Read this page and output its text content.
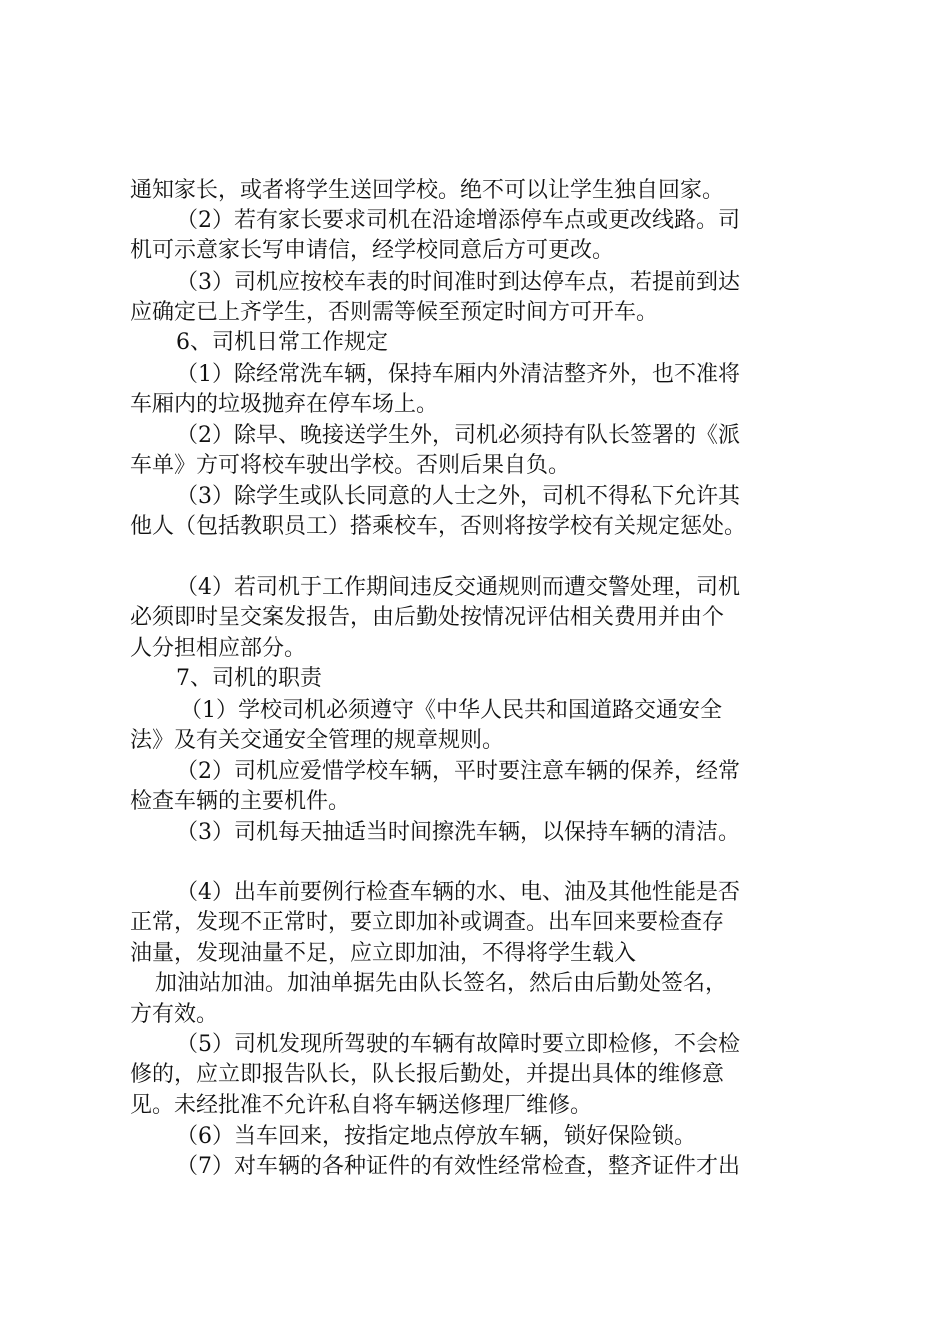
通知家长，或者将学生送回学校。绝不可以让学生独自回家。
（2）若有家长要求司机在沿途增添停车点或更改线路。司
机可示意家长写申请信，经学校同意后方可更改。
（3）司机应按校车表的时间准时到达停车点，若提前到达
应确定已上齐学生，否则需等候至预定时间方可开车。
6、司机日常工作规定
（1）除经常洗车辆，保持车厢内外清洁整齐外，也不准将
车厢内的垃圾抛弃在停车场上。
（2）除早、晚接送学生外，司机必须持有队长签署的《派
车单》方可将校车驶出学校。否则后果自负。
（3）除学生或队长同意的人士之外，司机不得私下允许其
他人（包括教职员工）搭乘校车，否则将按学校有关规定惩处。
（4）若司机于工作期间违反交通规则而遭交警处理，司机
必须即时呈交案发报告，由后勤处按情况评估相关费用并由个
人分担相应部分。
7、司机的职责
（1）学校司机必须遵守《中华人民共和国道路交通安全
法》及有关交通安全管理的规章规则。
（2）司机应爱惜学校车辆，平时要注意车辆的保养，经常
检查车辆的主要机件。
（3）司机每天抽适当时间擦洗车辆，以保持车辆的清洁。
（4）出车前要例行检查车辆的水、电、油及其他性能是否
正常，发现不正常时，要立即加补或调查。出车回来要检查存
油量，发现油量不足，应立即加油，不得将学生载入
加油站加油。加油单据先由队长签名，然后由后勤处签名，
方有效。
（5）司机发现所驾驶的车辆有故障时要立即检修，不会检
修的，应立即报告队长，队长报后勤处，并提出具体的维修意
见。未经批准不允许私自将车辆送修理厂维修。
（6）当车回来，按指定地点停放车辆，锁好保险锁。
（7）对车辆的各种证件的有效性经常检查，整齐证件才出
